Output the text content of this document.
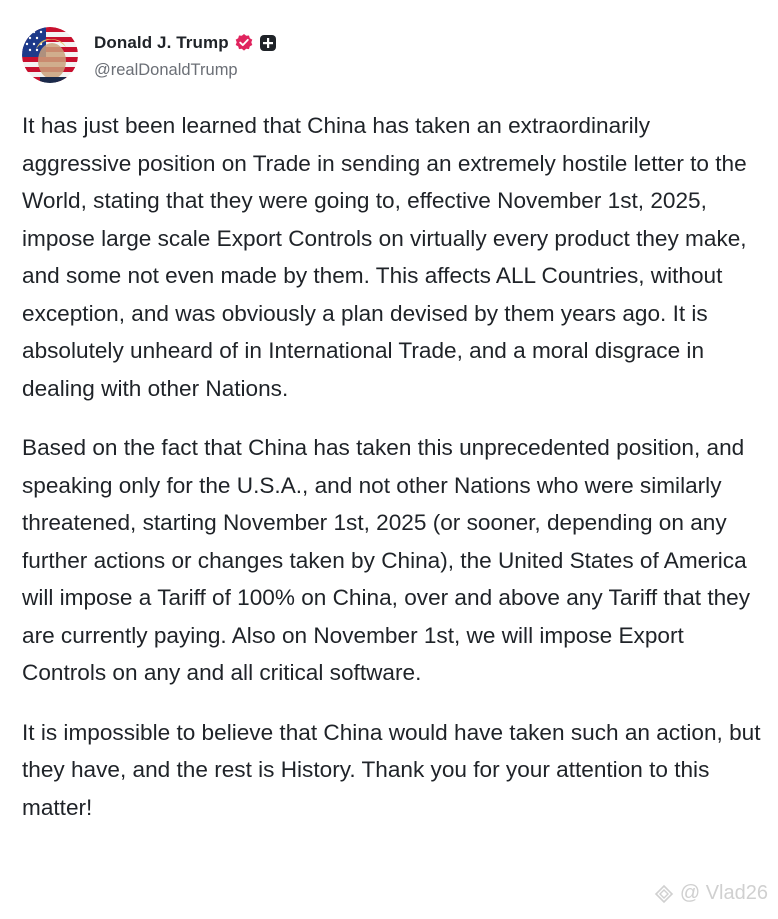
Donald J. Trump
@realDonaldTrump

It has just been learned that China has taken an extraordinarily aggressive position on Trade in sending an extremely hostile letter to the World, stating that they were going to, effective November 1st, 2025, impose large scale Export Controls on virtually every product they make, and some not even made by them. This affects ALL Countries, without exception, and was obviously a plan devised by them years ago. It is absolutely unheard of in International Trade, and a moral disgrace in dealing with other Nations.

Based on the fact that China has taken this unprecedented position, and speaking only for the U.S.A., and not other Nations who were similarly threatened, starting November 1st, 2025 (or sooner, depending on any further actions or changes taken by China), the United States of America will impose a Tariff of 100% on China, over and above any Tariff that they are currently paying. Also on November 1st, we will impose Export Controls on any and all critical software.

It is impossible to believe that China would have taken such an action, but they have, and the rest is History. Thank you for your attention to this matter!

@ Vlad26
